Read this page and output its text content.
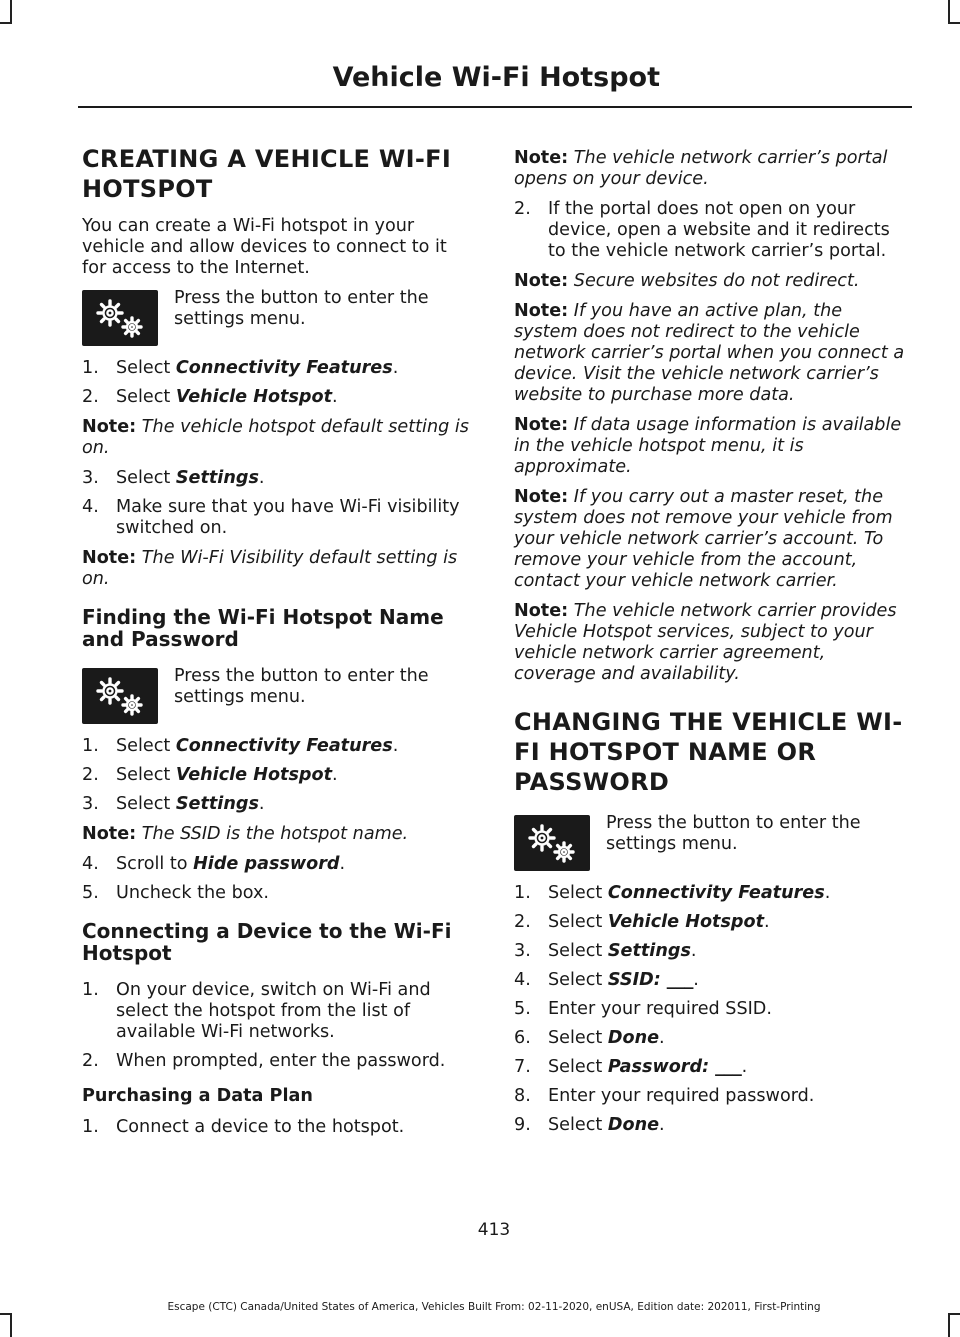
Vehicle Wi-Fi Hotspot
CREATING A VEHICLE WI-FI
HOTSPOT

You can create a Wi-Fi hotspot in your vehicle and allow devices to connect to it for access to the Internet.

Press the button to enter the settings menu.
1. Select Connectivity Features.
2. Select Vehicle Hotspot.

Note: The vehicle hotspot default setting is on.

3. Select Settings.
4. Make sure that you have Wi-Fi visibility switched on.

Note: The Wi-Fi Visibility default setting is on.

Finding the Wi-Fi Hotspot Name and Password
Press the button to enter the settings menu.
1. Select Connectivity Features.
2. Select Vehicle Hotspot.
3. Select Settings.

Note: The SSID is the hotspot name.

4. Scroll to Hide password.
5. Uncheck the box.
Connecting a Device to the Wi-Fi Hotspot
1. On your device, switch on Wi-Fi and select the hotspot from the list of available Wi-Fi networks.
2. When prompted, enter the password.
Purchasing a Data Plan
1. Connect a device to the hotspot.

Note: The vehicle network carrier’s portal opens on your device.

2. If the portal does not open on your device, open a website and it redirects to the vehicle network carrier’s portal.

Note: Secure websites do not redirect.

Note: If you have an active plan, the system does not redirect to the vehicle network carrier’s portal when you connect a device. Visit the vehicle network carrier’s website to purchase more data.

Note: If data usage information is available in the vehicle hotspot menu, it is approximate.

Note: If you carry out a master reset, the system does not remove your vehicle from your vehicle network carrier’s account. To remove your vehicle from the account, contact your vehicle network carrier.

Note: The vehicle network carrier provides Vehicle Hotspot services, subject to your vehicle network carrier agreement, coverage and availability.

CHANGING THE VEHICLE WI-
FI HOTSPOT NAME OR
PASSWORD
Press the button to enter the settings menu.
1. Select Connectivity Features.
2. Select Vehicle Hotspot.
3. Select Settings.
4. Select SSID: ___.
5. Enter your required SSID.
6. Select Done.
7. Select Password: ___.
8. Enter your required password.
9. Select Done.
413
Escape (CTC) Canada/United States of America, Vehicles Built From: 02-11-2020, enUSA, Edition date: 202011, First-Printing
